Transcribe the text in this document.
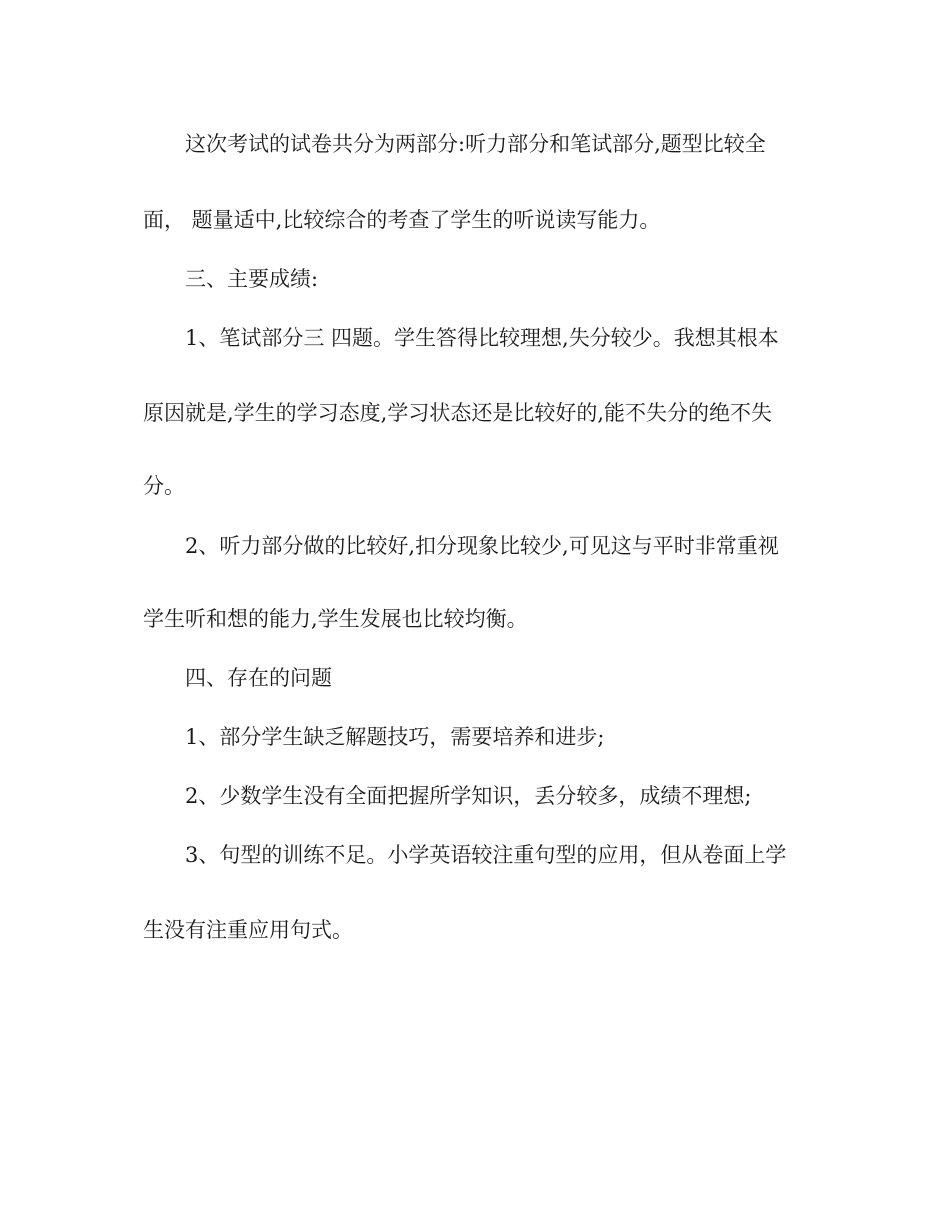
这次考试的试卷共分为两部分:听力部分和笔试部分,题型比较全
面， 题量适中,比较综合的考查了学生的听说读写能力。
三、主要成绩:
1、笔试部分三 四题。学生答得比较理想,失分较少。我想其根本
原因就是,学生的学习态度,学习状态还是比较好的,能不失分的绝不失
分。
2、听力部分做的比较好,扣分现象比较少,可见这与平时非常重视
学生听和想的能力,学生发展也比较均衡。
四、存在的问题
1、部分学生缺乏解题技巧，需要培养和进步;
2、少数学生没有全面把握所学知识，丢分较多，成绩不理想;
3、句型的训练不足。小学英语较注重句型的应用，但从卷面上学
生没有注重应用句式。
